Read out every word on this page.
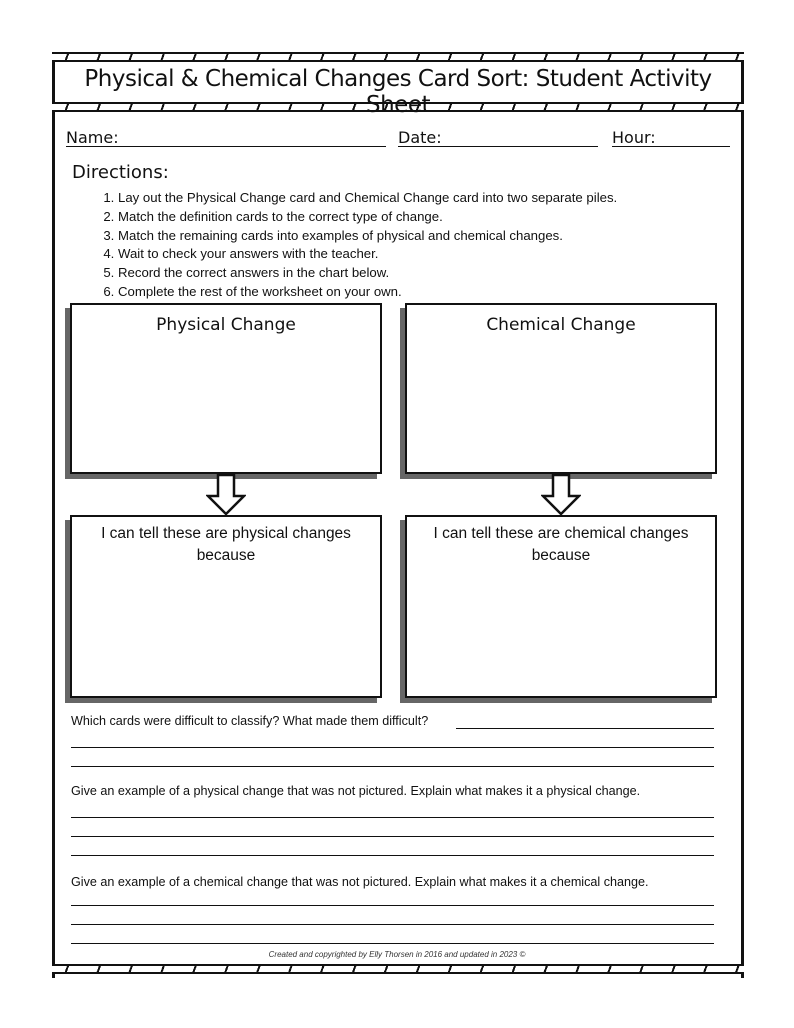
Physical & Chemical Changes Card Sort: Student Activity Sheet
Name:	Date:	Hour:
Directions:
1. Lay out the Physical Change card and Chemical Change card into two separate piles.
2. Match the definition cards to the correct type of change.
3. Match the remaining cards into examples of physical and chemical changes.
4. Wait to check your answers with the teacher.
5. Record the correct answers in the chart below.
6. Complete the rest of the worksheet on your own.
Physical Change	Chemical Change
I can tell these are physical changes because
I can tell these are chemical changes because
Which cards were difficult to classify? What made them difficult?
Give an example of a physical change that was not pictured. Explain what makes it a physical change.
Give an example of a chemical change that was not pictured. Explain what makes it a chemical change.
Created and copyrighted by Elly Thorsen in 2016 and updated in 2023 ©
